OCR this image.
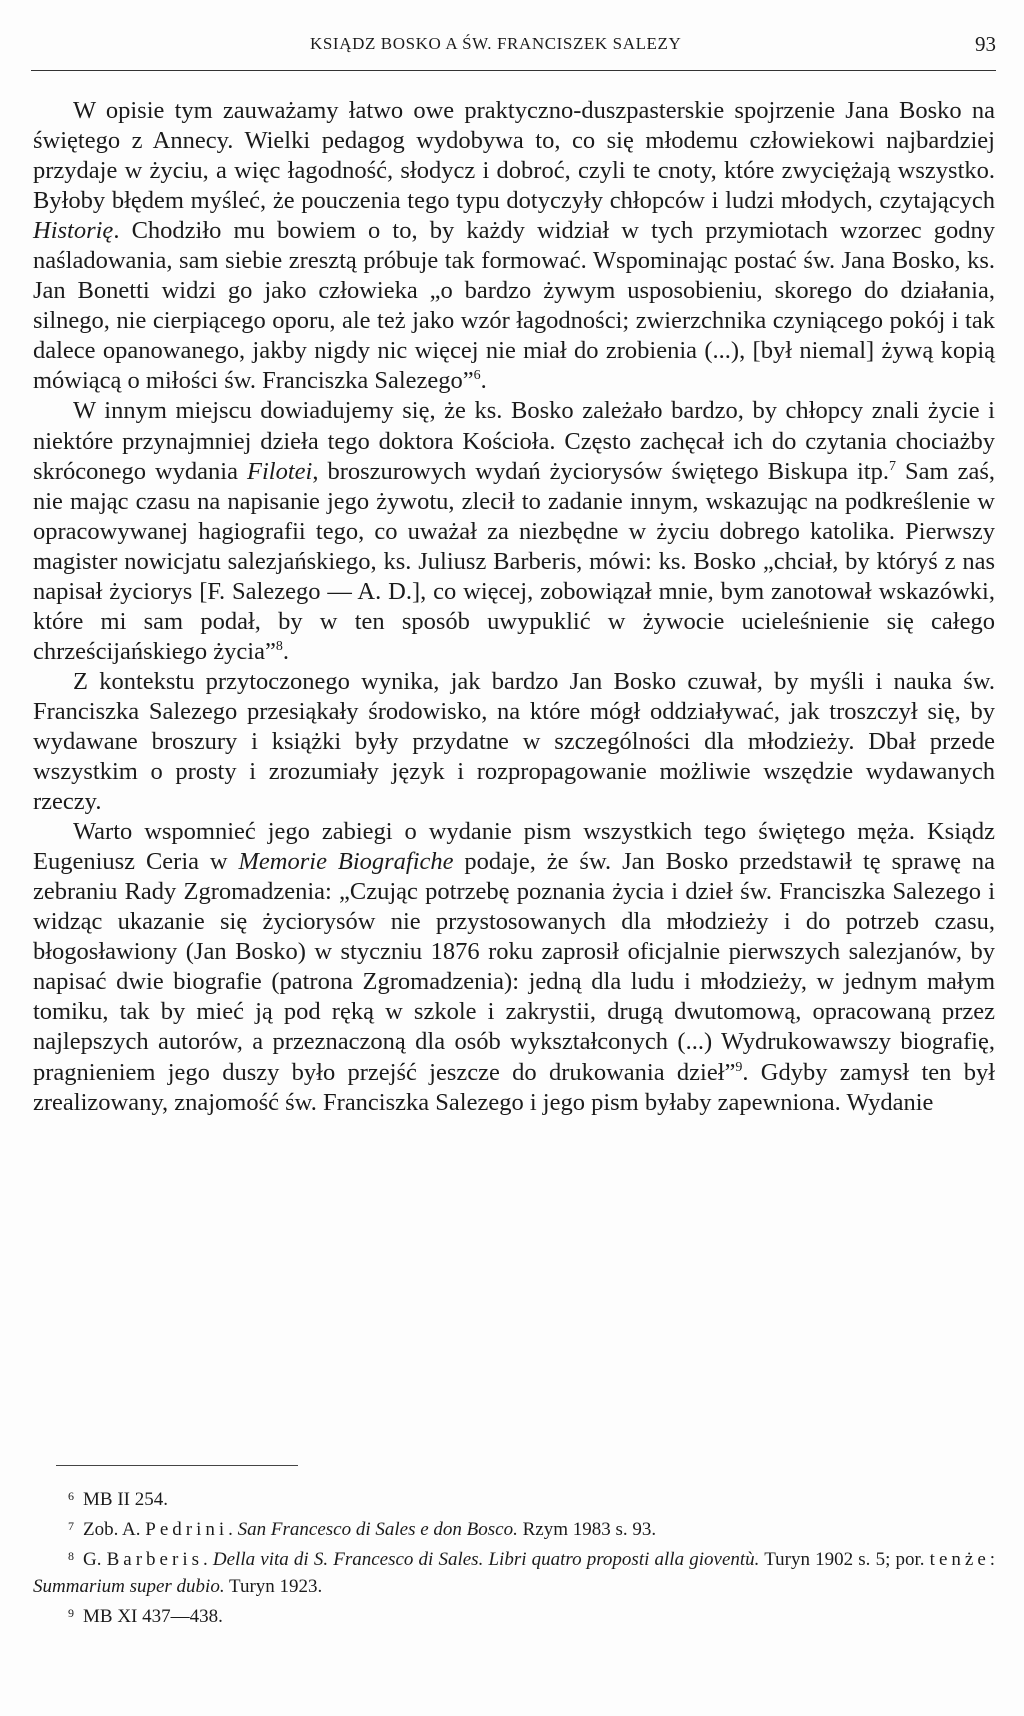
KSIĄDZ BOSKO A ŚW. FRANCISZEK SALEZY	93

W opisie tym zauważamy łatwo owe praktyczno-duszpasterskie spojrzenie Jana Bosko na świętego z Annecy. Wielki pedagog wydobywa to, co się młodemu człowiekowi najbardziej przydaje w życiu, a więc łagodność, słodycz i dobroć, czyli te cnoty, które zwyciężają wszystko. Byłoby błędem myśleć, że pouczenia tego typu dotyczyły chłopców i ludzi młodych, czytających Historię. Chodziło mu bowiem o to, by każdy widział w tych przymiotach wzorzec godny naśladowania, sam siebie zresztą próbuje tak formować. Wspominając postać św. Jana Bosko, ks. Jan Bonetti widzi go jako człowieka „o bardzo żywym usposobieniu, skorego do działania, silnego, nie cierpiącego oporu, ale też jako wzór łagodności; zwierzchnika czyniącego pokój i tak dalece opanowanego, jakby nigdy nic więcej nie miał do zrobienia (...), [był niemal] żywą kopią mówiącą o miłości św. Franciszka Salezego”$^6$.

W innym miejscu dowiadujemy się, że ks. Bosko zależało bardzo, by chłopcy znali życie i niektóre przynajmniej dzieła tego doktora Kościoła. Często zachęcał ich do czytania chociażby skróconego wydania Filotei, broszurowych wydań życiorysów świętego Biskupa itp.$^7$ Sam zaś, nie mając czasu na napisanie jego żywotu, zlecił to zadanie innym, wskazując na podkreślenie w opracowywanej hagiografii tego, co uważał za niezbędne w życiu dobrego katolika. Pierwszy magister nowicjatu salezjańskiego, ks. Juliusz Barberis, mówi: ks. Bosko „chciał, by któryś z nas napisał życiorys [F. Salezego — A. D.], co więcej, zobowiązał mnie, bym zanotował wskazówki, które mi sam podał, by w ten sposób uwypuklić w żywocie ucieleśnienie się całego chrześcijańskiego życia”$^8$.

Z kontekstu przytoczonego wynika, jak bardzo Jan Bosko czuwał, by myśli i nauka św. Franciszka Salezego przesiąkały środowisko, na które mógł oddziaływać, jak troszczył się, by wydawane broszury i książki były przydatne w szczególności dla młodzieży. Dbał przede wszystkim o prosty i zrozumiały język i rozpropagowanie możliwie wszędzie wydawanych rzeczy.

Warto wspomnieć jego zabiegi o wydanie pism wszystkich tego świętego męża. Ksiądz Eugeniusz Ceria w Memorie Biografiche podaje, że św. Jan Bosko przedstawił tę sprawę na zebraniu Rady Zgromadzenia: „Czując potrzebę poznania życia i dzieł św. Franciszka Salezego i widząc ukazanie się życiorysów nie przystosowanych dla młodzieży i do potrzeb czasu, błogosławiony (Jan Bosko) w styczniu 1876 roku zaprosił oficjalnie pierwszych salezjanów, by napisać dwie biografie (patrona Zgromadzenia): jedną dla ludu i młodzieży, w jednym małym tomiku, tak by mieć ją pod ręką w szkole i zakrystii, drugą dwutomową, opracowaną przez najlepszych autorów, a przeznaczoną dla osób wykształconych (...) Wydrukowawszy biografię, pragnieniem jego duszy było przejść jeszcze do drukowania dzieł”$^9$. Gdyby zamysł ten był zrealizowany, znajomość św. Franciszka Salezego i jego pism byłaby zapewniona. Wydanie

$^6$ MB II 254.

$^7$ Zob. A. Pedrini. San Francesco di Sales e don Bosco. Rzym 1983 s. 93.

$^8$ G. Barberis. Della vita di S. Francesco di Sales. Libri quatro proposti alla gioventù. Turyn 1902 s. 5; por. tenże: Summarium super dubio. Turyn 1923.

$^9$ MB XI 437—438.
